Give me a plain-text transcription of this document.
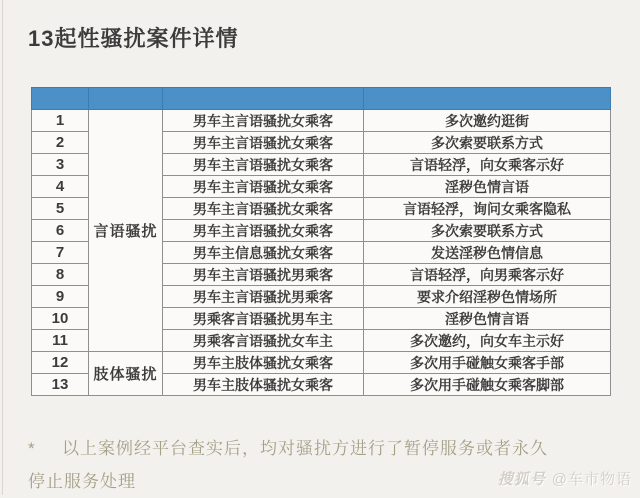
13起性骚扰案件详情

1	言语骚扰	男车主言语骚扰女乘客	多次邀约逛街
2		男车主言语骚扰女乘客	多次索要联系方式
3		男车主言语骚扰女乘客	言语轻浮，向女乘客示好
4		男车主言语骚扰女乘客	淫秽色情言语
5		男车主言语骚扰女乘客	言语轻浮，询问女乘客隐私
6		男车主言语骚扰女乘客	多次索要联系方式
7		男车主信息骚扰女乘客	发送淫秽色情信息
8		男车主言语骚扰男乘客	言语轻浮，向男乘客示好
9		男车主言语骚扰男乘客	要求介绍淫秽色情场所
10		男乘客言语骚扰男车主	淫秽色情言语
11		男乘客言语骚扰女车主	多次邀约，向女车主示好
12	肢体骚扰	男车主肢体骚扰女乘客	多次用手碰触女乘客手部
13		男车主肢体骚扰女乘客	多次用手碰触女乘客脚部
* 以上案例经平台查实后，均对骚扰方进行了暂停服务或者永久
停止服务处理	搜狐号 @车市物语
